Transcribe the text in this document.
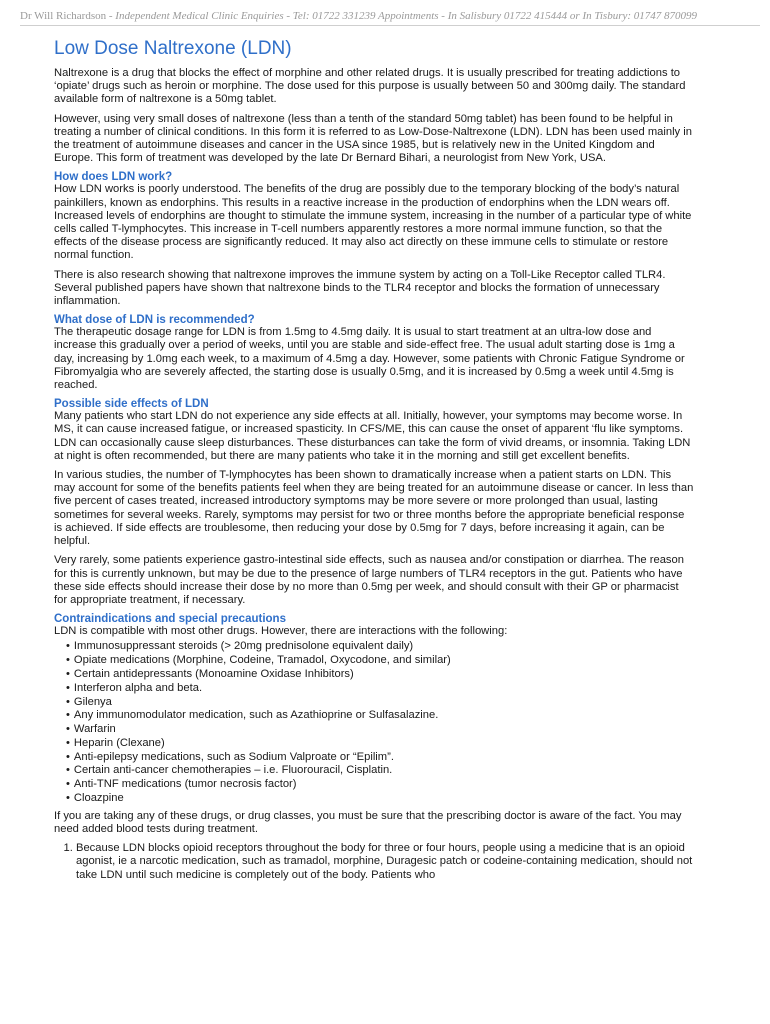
Dr Will Richardson - Independent Medical Clinic Enquiries - Tel: 01722 331239 Appointments - In Salisbury 01722 415444 or In Tisbury: 01747 870099
Low Dose Naltrexone (LDN)

Naltrexone is a drug that blocks the effect of morphine and other related drugs. It is usually prescribed for treating addictions to ‘opiate’ drugs such as heroin or morphine. The dose used for this purpose is usually between 50 and 300mg daily. The standard available form of naltrexone is a 50mg tablet.

However, using very small doses of naltrexone (less than a tenth of the standard 50mg tablet) has been found to be helpful in treating a number of clinical conditions. In this form it is referred to as Low-Dose-Naltrexone (LDN). LDN has been used mainly in the treatment of autoimmune diseases and cancer in the USA since 1985, but is relatively new in the United Kingdom and Europe. This form of treatment was developed by the late Dr Bernard Bihari, a neurologist from New York, USA.

How does LDN work?

How LDN works is poorly understood. The benefits of the drug are possibly due to the temporary blocking of the body’s natural painkillers, known as endorphins. This results in a reactive increase in the production of endorphins when the LDN wears off. Increased levels of endorphins are thought to stimulate the immune system, increasing in the number of a particular type of white cells called T-lymphocytes. This increase in T-cell numbers apparently restores a more normal immune function, so that the effects of the disease process are significantly reduced. It may also act directly on these immune cells to stimulate or restore normal function.

There is also research showing that naltrexone improves the immune system by acting on a Toll-Like Receptor called TLR4. Several published papers have shown that naltrexone binds to the TLR4 receptor and blocks the formation of unnecessary inflammation.

What dose of LDN is recommended?

The therapeutic dosage range for LDN is from 1.5mg to 4.5mg daily. It is usual to start treatment at an ultra-low dose and increase this gradually over a period of weeks, until you are stable and side-effect free. The usual adult starting dose is 1mg a day, increasing by 1.0mg each week, to a maximum of 4.5mg a day. However, some patients with Chronic Fatigue Syndrome or Fibromyalgia who are severely affected, the starting dose is usually 0.5mg, and it is increased by 0.5mg a week until 4.5mg is reached.

Possible side effects of LDN

Many patients who start LDN do not experience any side effects at all. Initially, however, your symptoms may become worse. In MS, it can cause increased fatigue, or increased spasticity. In CFS/ME, this can cause the onset of apparent ‘flu like symptoms. LDN can occasionally cause sleep disturbances. These disturbances can take the form of vivid dreams, or insomnia. Taking LDN at night is often recommended, but there are many patients who take it in the morning and still get excellent benefits.

In various studies, the number of T-lymphocytes has been shown to dramatically increase when a patient starts on LDN. This may account for some of the benefits patients feel when they are being treated for an autoimmune disease or cancer. In less than five percent of cases treated, increased introductory symptoms may be more severe or more prolonged than usual, lasting sometimes for several weeks. Rarely, symptoms may persist for two or three months before the appropriate beneficial response is achieved. If side effects are troublesome, then reducing your dose by 0.5mg for 7 days, before increasing it again, can be helpful.

Very rarely, some patients experience gastro-intestinal side effects, such as nausea and/or constipation or diarrhea. The reason for this is currently unknown, but may be due to the presence of large numbers of TLR4 receptors in the gut. Patients who have these side effects should increase their dose by no more than 0.5mg per week, and should consult with their GP or pharmacist for appropriate treatment, if necessary.

Contraindications and special precautions

LDN is compatible with most other drugs. However, there are interactions with the following:

• Immunosuppressant steroids (> 20mg prednisolone equivalent daily)
• Opiate medications (Morphine, Codeine, Tramadol, Oxycodone, and similar)
• Certain antidepressants (Monoamine Oxidase Inhibitors)
• Interferon alpha and beta.
• Gilenya
• Any immunomodulator medication, such as Azathioprine or Sulfasalazine.
• Warfarin
• Heparin (Clexane)
• Anti-epilepsy medications, such as Sodium Valproate or “Epilim”.
• Certain anti-cancer chemotherapies – i.e. Fluorouracil, Cisplatin.
• Anti-TNF medications (tumor necrosis factor)
• Cloazpine

If you are taking any of these drugs, or drug classes, you must be sure that the prescribing doctor is aware of the fact. You may need added blood tests during treatment.

1. Because LDN blocks opioid receptors throughout the body for three or four hours, people using a medicine that is an opioid agonist, ie a narcotic medication, such as tramadol, morphine, Duragesic patch or codeine-containing medication, should not take LDN until such medicine is completely out of the body. Patients who
